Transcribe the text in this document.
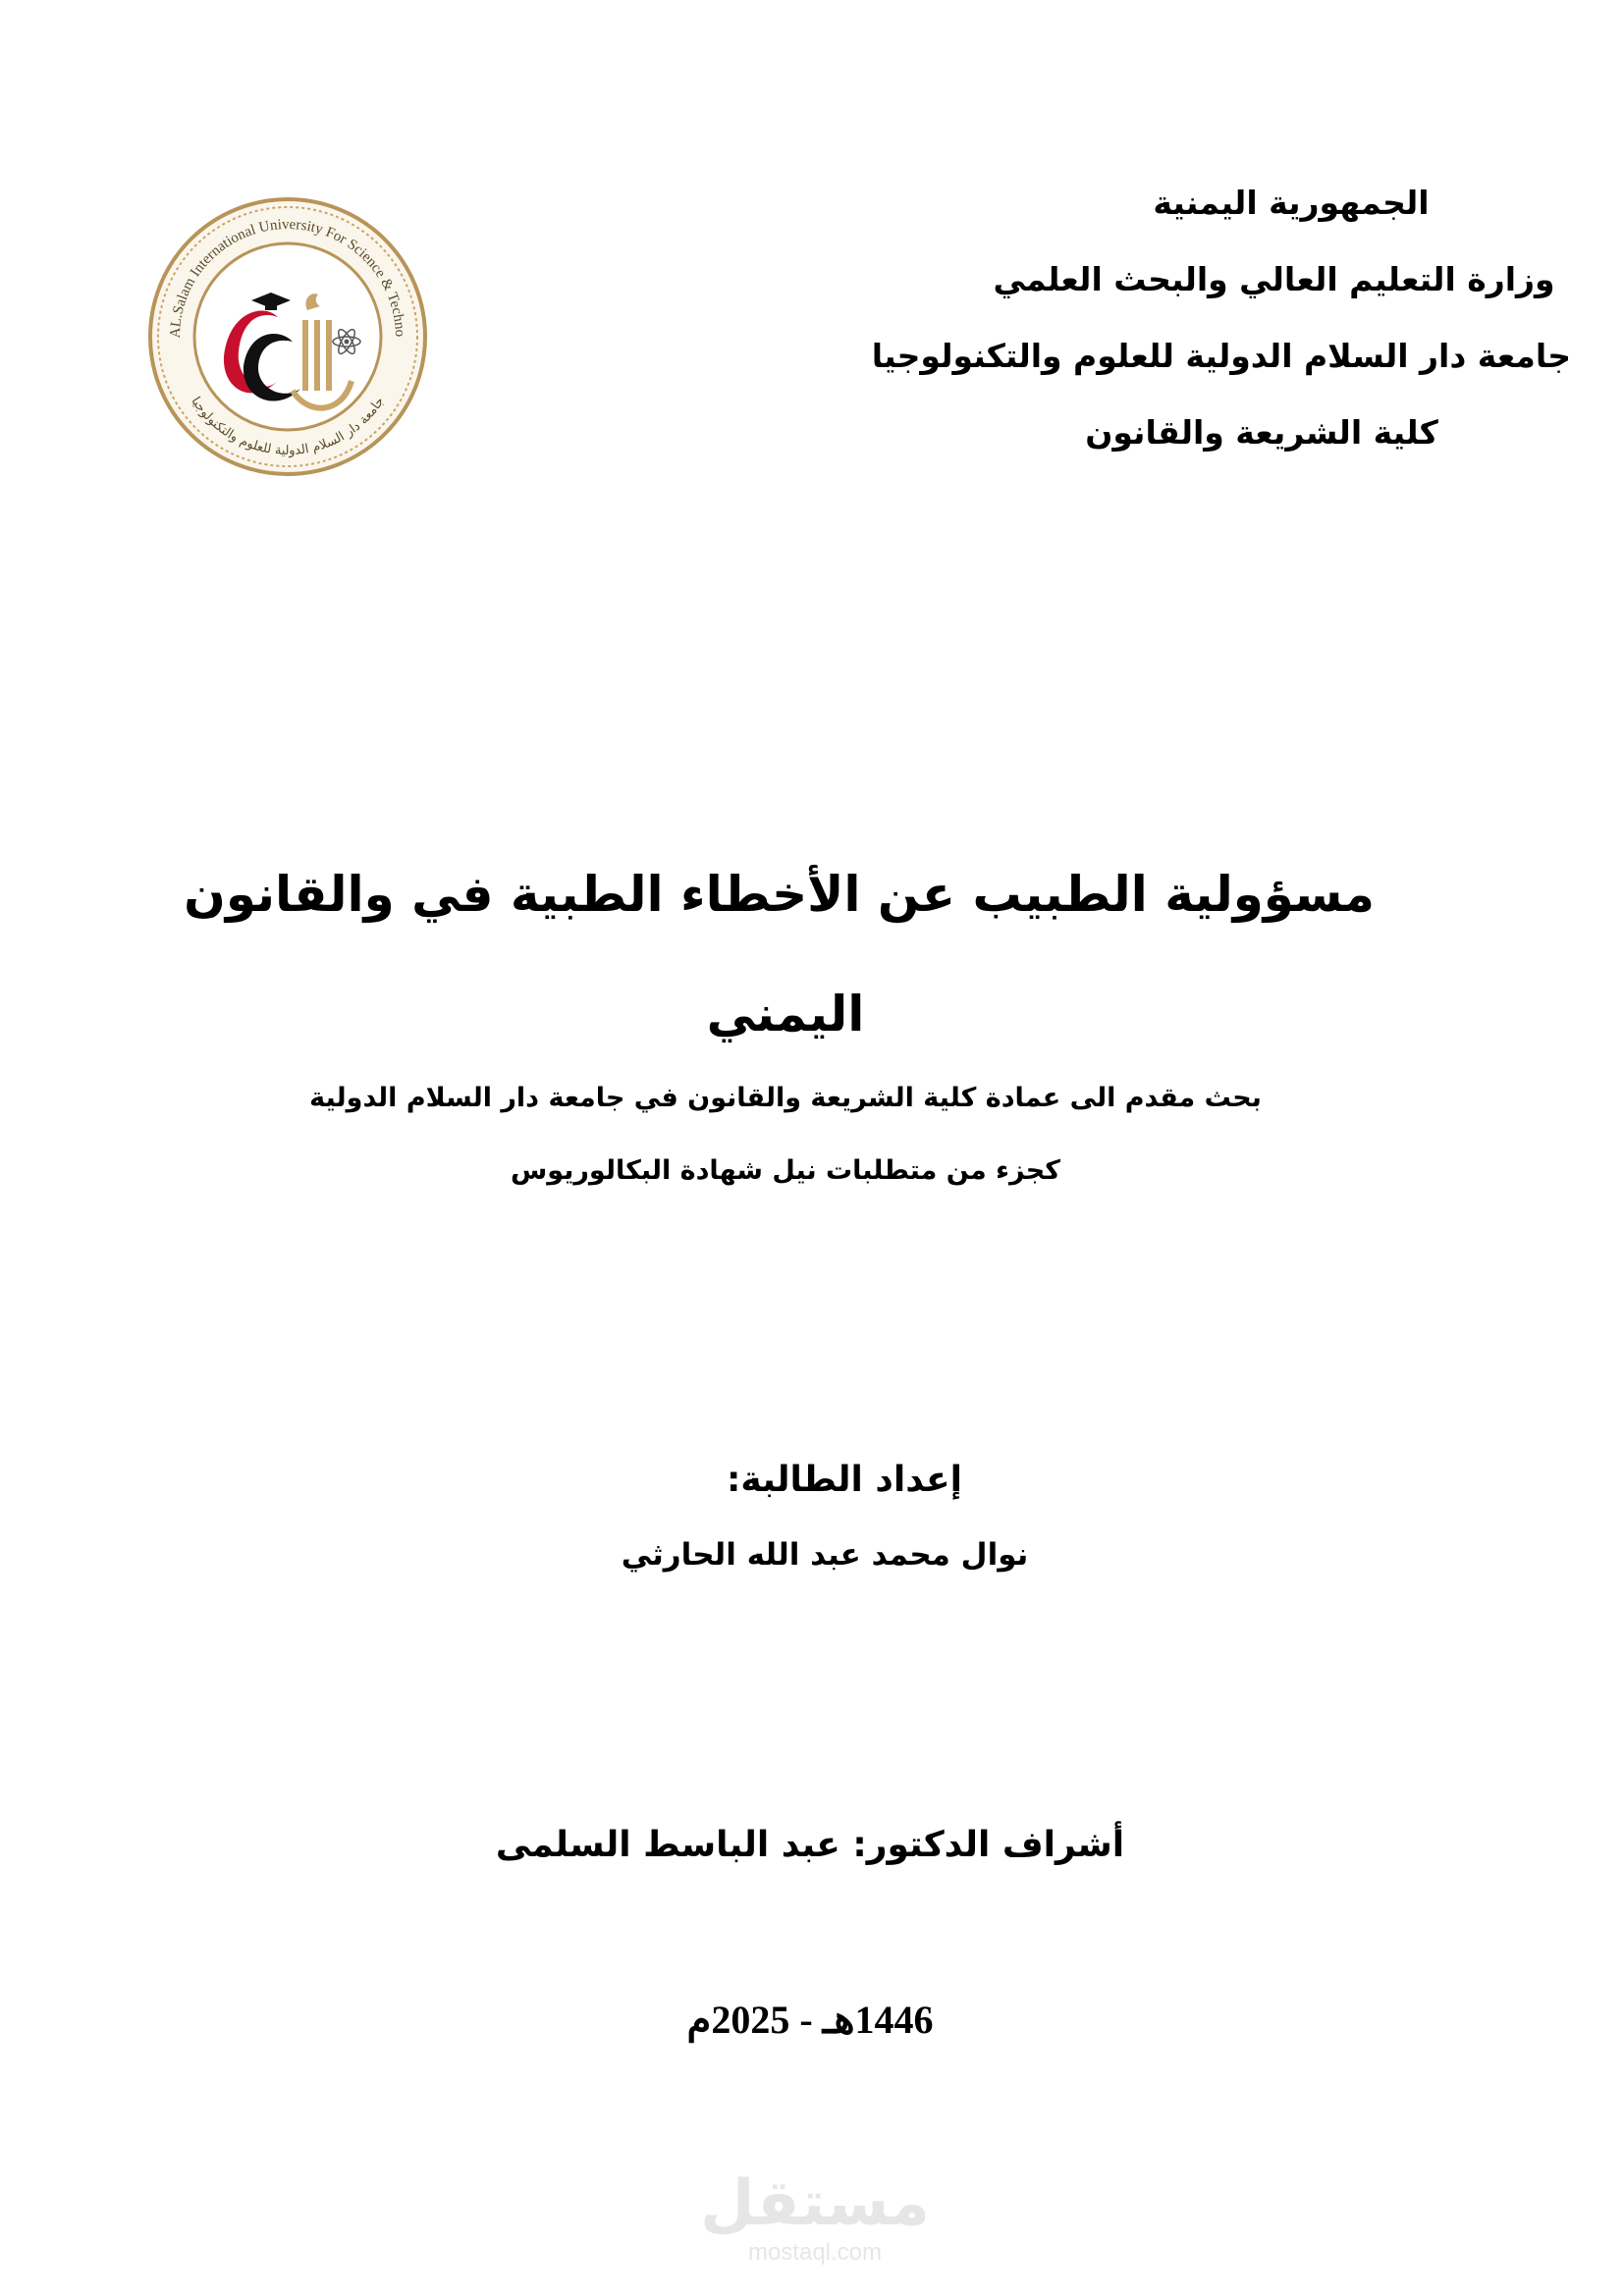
الجمهورية اليمنية
وزارة التعليم العالي والبحث العلمي
جامعة دار السلام الدولية للعلوم والتكنولوجيا
كلية الشريعة والقانون
AL.Salam International University For Science & Techno
جامعة دار السلام الدولية للعلوم والتكنولوجيا
مسؤولية الطبيب عن الأخطاء الطبية في والقانون
اليمني
بحث مقدم الى عمادة كلية الشريعة والقانون في جامعة دار السلام الدولية
كجزء من متطلبات نيل شهادة البكالوريوس
إعداد الطالبة:
نوال محمد عبد الله الحارثي
أشراف الدكتور: عبد الباسط السلمى
1446هـ - 2025م
مستقل
mostaql.com
